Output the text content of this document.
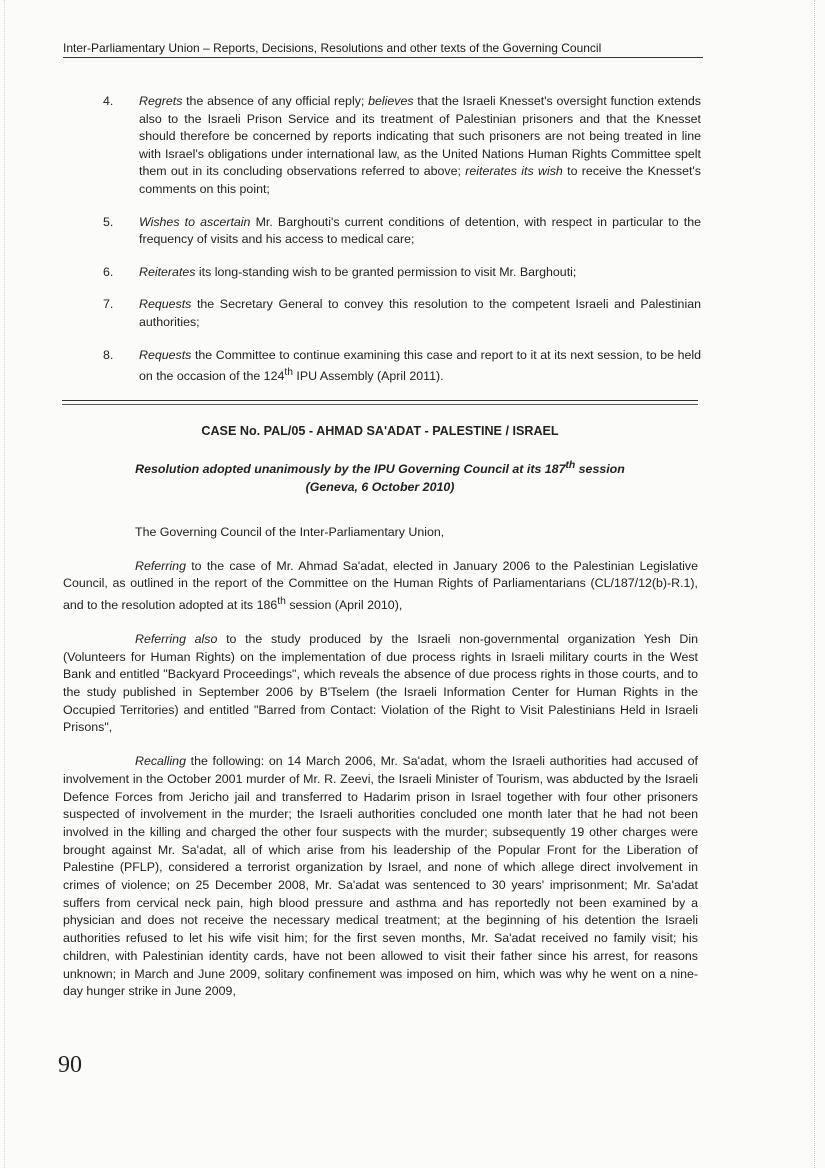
Inter-Parliamentary Union – Reports, Decisions, Resolutions and other texts of the Governing Council
4.	Regrets the absence of any official reply; believes that the Israeli Knesset's oversight function extends also to the Israeli Prison Service and its treatment of Palestinian prisoners and that the Knesset should therefore be concerned by reports indicating that such prisoners are not being treated in line with Israel's obligations under international law, as the United Nations Human Rights Committee spelt them out in its concluding observations referred to above; reiterates its wish to receive the Knesset's comments on this point;
5.	Wishes to ascertain Mr. Barghouti's current conditions of detention, with respect in particular to the frequency of visits and his access to medical care;
6.	Reiterates its long-standing wish to be granted permission to visit Mr. Barghouti;
7.	Requests the Secretary General to convey this resolution to the competent Israeli and Palestinian authorities;
8.	Requests the Committee to continue examining this case and report to it at its next session, to be held on the occasion of the 124th IPU Assembly (April 2011).
CASE No. PAL/05 - AHMAD SA'ADAT - PALESTINE / ISRAEL
Resolution adopted unanimously by the IPU Governing Council at its 187th session
(Geneva, 6 October 2010)

The Governing Council of the Inter-Parliamentary Union,

Referring to the case of Mr. Ahmad Sa'adat, elected in January 2006 to the Palestinian Legislative Council, as outlined in the report of the Committee on the Human Rights of Parliamentarians (CL/187/12(b)-R.1), and to the resolution adopted at its 186th session (April 2010),

Referring also to the study produced by the Israeli non-governmental organization Yesh Din (Volunteers for Human Rights) on the implementation of due process rights in Israeli military courts in the West Bank and entitled "Backyard Proceedings", which reveals the absence of due process rights in those courts, and to the study published in September 2006 by B'Tselem (the Israeli Information Center for Human Rights in the Occupied Territories) and entitled "Barred from Contact: Violation of the Right to Visit Palestinians Held in Israeli Prisons",

Recalling the following: on 14 March 2006, Mr. Sa'adat, whom the Israeli authorities had accused of involvement in the October 2001 murder of Mr. R. Zeevi, the Israeli Minister of Tourism, was abducted by the Israeli Defence Forces from Jericho jail and transferred to Hadarim prison in Israel together with four other prisoners suspected of involvement in the murder; the Israeli authorities concluded one month later that he had not been involved in the killing and charged the other four suspects with the murder; subsequently 19 other charges were brought against Mr. Sa'adat, all of which arise from his leadership of the Popular Front for the Liberation of Palestine (PFLP), considered a terrorist organization by Israel, and none of which allege direct involvement in crimes of violence; on 25 December 2008, Mr. Sa'adat was sentenced to 30 years' imprisonment; Mr. Sa'adat suffers from cervical neck pain, high blood pressure and asthma and has reportedly not been examined by a physician and does not receive the necessary medical treatment; at the beginning of his detention the Israeli authorities refused to let his wife visit him; for the first seven months, Mr. Sa'adat received no family visit; his children, with Palestinian identity cards, have not been allowed to visit their father since his arrest, for reasons unknown; in March and June 2009, solitary confinement was imposed on him, which was why he went on a nine-day hunger strike in June 2009,

90
